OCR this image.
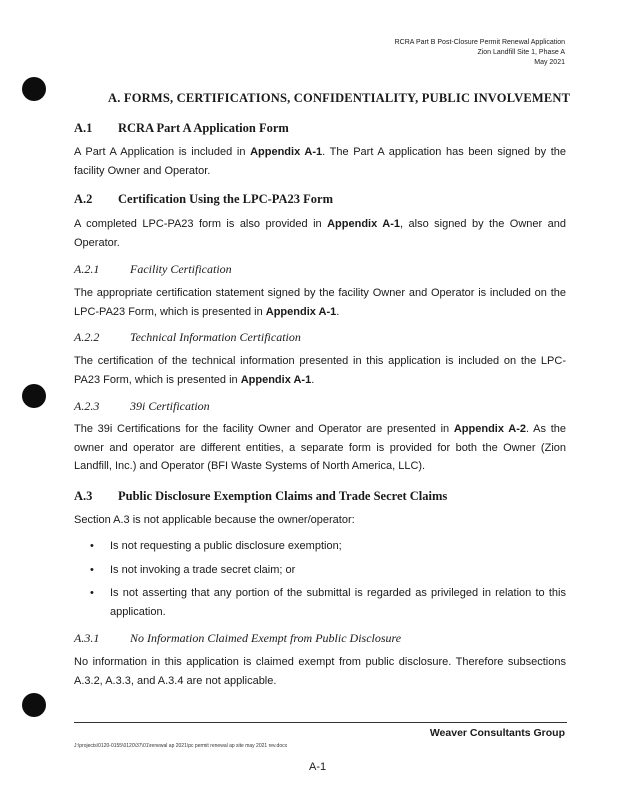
RCRA Part B Post-Closure Permit Renewal Application
Zion Landfill Site 1, Phase A
May 2021
A. FORMS, CERTIFICATIONS, CONFIDENTIALITY, PUBLIC INVOLVEMENT
A.1 RCRA Part A Application Form
A Part A Application is included in Appendix A-1. The Part A application has been signed by the facility Owner and Operator.
A.2 Certification Using the LPC-PA23 Form
A completed LPC-PA23 form is also provided in Appendix A-1, also signed by the Owner and Operator.
A.2.1	Facility Certification
The appropriate certification statement signed by the facility Owner and Operator is included on the LPC-PA23 Form, which is presented in Appendix A-1.
A.2.2	Technical Information Certification
The certification of the technical information presented in this application is included on the LPC-PA23 Form, which is presented in Appendix A-1.
A.2.3	39i Certification
The 39i Certifications for the facility Owner and Operator are presented in Appendix A-2. As the owner and operator are different entities, a separate form is provided for both the Owner (Zion Landfill, Inc.) and Operator (BFI Waste Systems of North America, LLC).
A.3 Public Disclosure Exemption Claims and Trade Secret Claims
Section A.3 is not applicable because the owner/operator:
• Is not requesting a public disclosure exemption;
• Is not invoking a trade secret claim; or
• Is not asserting that any portion of the submittal is regarded as privileged in relation to this application.
A.3.1	No Information Claimed Exempt from Public Disclosure
No information in this application is claimed exempt from public disclosure. Therefore subsections A.3.2, A.3.3, and A.3.4 are not applicable.
Weaver Consultants Group
J:\projects\0120-0155\0120\37\01\renewal ap 2021\pc permit renewal ap site may 2021 rev.docx
A-1
